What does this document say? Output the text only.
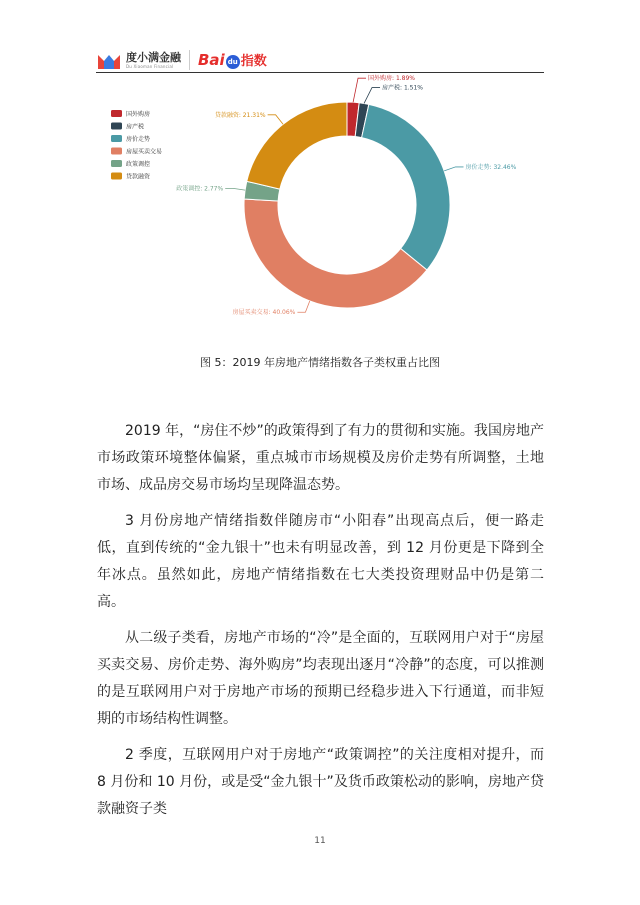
度小满金融
Du Xiaoman Financial	Bai du 指数
国外购房: 1.89%
房产税: 1.51%
房价走势: 32.46%
房屋买卖交易: 40.06%
政策调控: 2.77%
贷款融资: 21.31%
国外购房
房产税
房价走势
房屋买卖交易
政策调控
贷款融资
图 5：2019 年房地产情绪指数各子类权重占比图

2019 年，“房住不炒”的政策得到了有力的贯彻和实施。我国房地产市场政策环境整体偏紧，重点城市市场规模及房价走势有所调整，土地市场、成品房交易市场均呈现降温态势。

3 月份房地产情绪指数伴随房市“小阳春”出现高点后，便一路走低，直到传统的“金九银十”也未有明显改善，到 12 月份更是下降到全年冰点。虽然如此，房地产情绪指数在七大类投资理财品中仍是第二高。

从二级子类看，房地产市场的“冷”是全面的，互联网用户对于“房屋买卖交易、房价走势、海外购房”均表现出逐月“冷静”的态度，可以推测的是互联网用户对于房地产市场的预期已经稳步进入下行通道，而非短期的市场结构性调整。

2 季度，互联网用户对于房地产“政策调控”的关注度相对提升，而 8 月份和 10 月份，或是受“金九银十”及货币政策松动的影响，房地产贷款融资子类

11
